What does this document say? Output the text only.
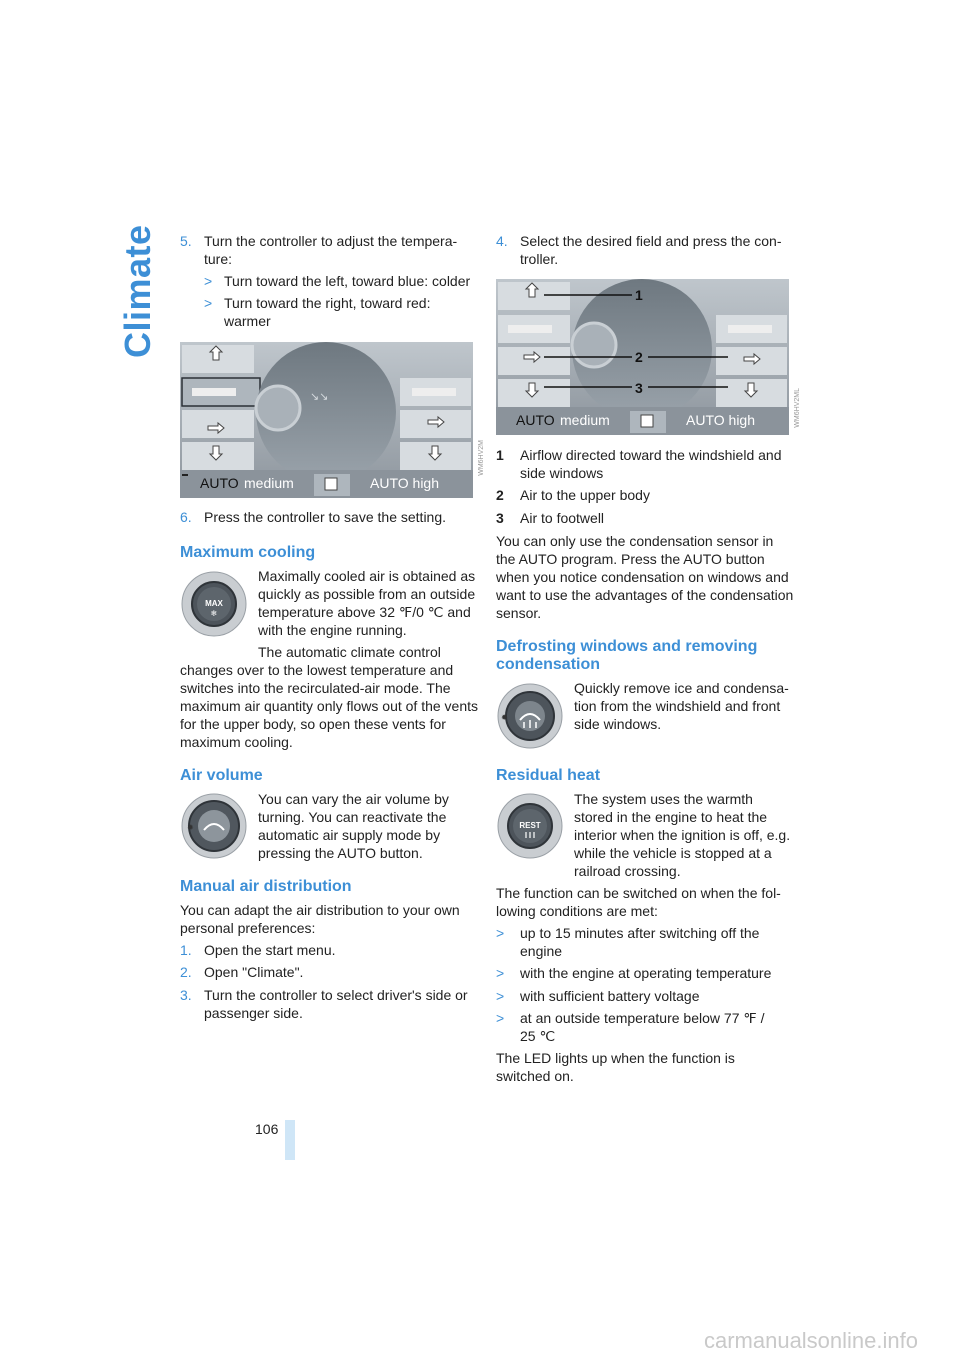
Climate 5. Turn the controller to adjust the tempera-
ture:
> Turn toward the left, toward blue: colder
> Turn toward the right, toward red:
warmer
↘↘
AUTO medium	AUTO high
WM6HV2M
6. Press the controller to save the setting.
Maximum cooling
MAX
❄
Maximally cooled air is obtained as
quickly as possible from an outside
temperature above 32 ℉/0 ℃ and
with the engine running.
The automatic climate control
changes over to the lowest temperature and
switches into the recirculated-air mode. The
maximum air quantity only flows out of the vents
for the upper body, so open these vents for
maximum cooling.
Air volume
✹
You can vary the air volume by
turning. You can reactivate the
automatic air supply mode by
pressing the AUTO button.
Manual air distribution
You can adapt the air distribution to your own
personal preferences:
1. Open the start menu.
2. Open "Climate".
3. Turn the controller to select driver's side or
passenger side.
4. Select the desired field and press the con-
troller.
1
2
3
AUTO medium	AUTO high	WM6HV2ML
1 Airflow directed toward the windshield and
side windows
2 Air to the upper body
3 Air to footwell
You can only use the condensation sensor in
the AUTO program. Press the AUTO button
when you notice condensation on windows and
want to use the advantages of the condensation
sensor.
Defrosting windows and removing
condensation
✹
Quickly remove ice and condensa-
tion from the windshield and front
side windows.
Residual heat
REST
The system uses the warmth
stored in the engine to heat the
interior when the ignition is off, e.g.
while the vehicle is stopped at a
railroad crossing.
The function can be switched on when the fol-
lowing conditions are met:
> up to 15 minutes after switching off the
engine
> with the engine at operating temperature
> with sufficient battery voltage
> at an outside temperature below 77 ℉ /
25 ℃
The LED lights up when the function is
switched on.
106
carmanualsonline.info
